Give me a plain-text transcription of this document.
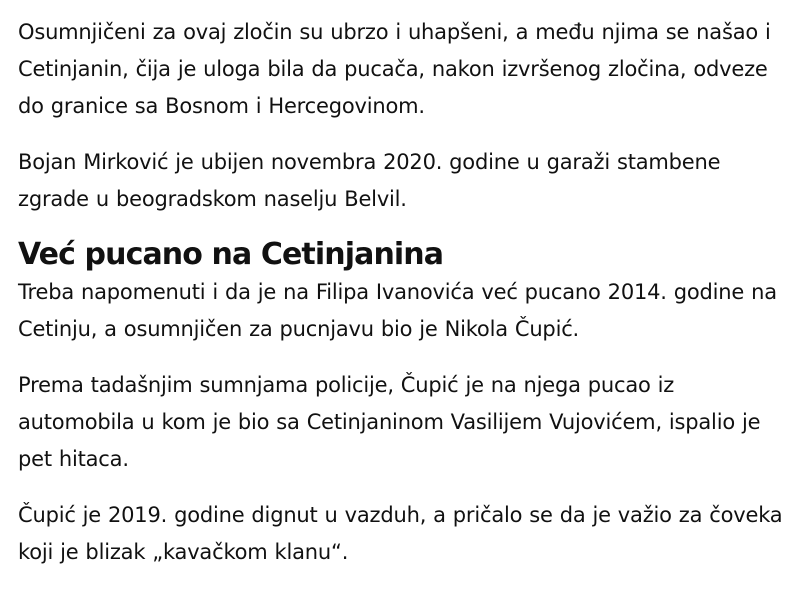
Osumnjičeni za ovaj zločin su ubrzo i uhapšeni, a među njima se našao i Cetinjanin, čija je uloga bila da pucača, nakon izvršenog zločina, odveze do granice sa Bosnom i Hercegovinom.

Bojan Mirković je ubijen novembra 2020. godine u garaži stambene zgrade u beogradskom naselju Belvil.

Već pucano na Cetinjanina

Treba napomenuti i da je na Filipa Ivanovića već pucano 2014. godine na Cetinju, a osumnjičen za pucnjavu bio je Nikola Čupić.

Prema tadašnjim sumnjama policije, Čupić je na njega pucao iz automobila u kom je bio sa Cetinjaninom Vasilijem Vujovićem, ispalio je pet hitaca.

Čupić je 2019. godine dignut u vazduh, a pričalo se da je važio za čoveka koji je blizak „kavačkom klanu“.
